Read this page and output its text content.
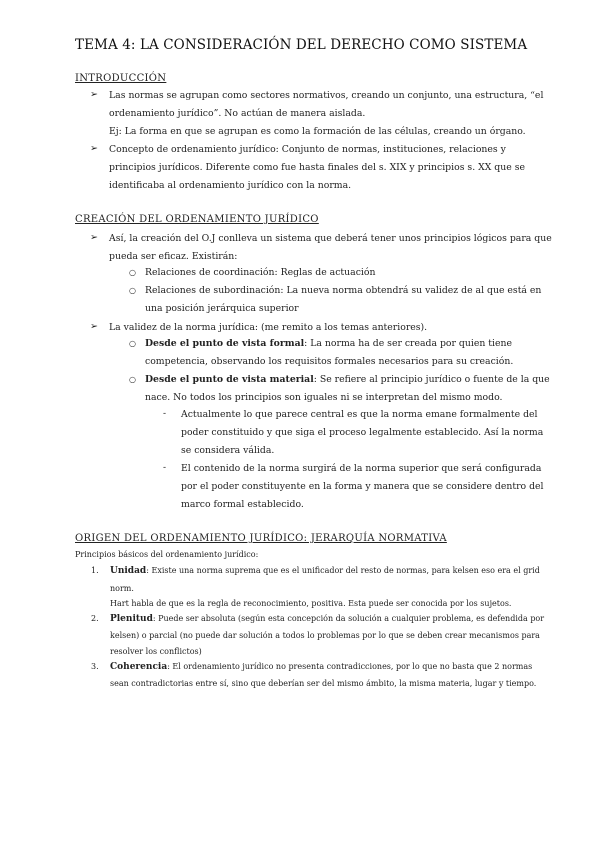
TEMA 4: LA CONSIDERACIÓN DEL DERECHO COMO SISTEMA
INTRODUCCIÓN
➢ Las normas se agrupan como sectores normativos, creando un conjunto, una estructura, “el
ordenamiento jurídico”. No actúan de manera aislada.
Ej: La forma en que se agrupan es como la formación de las células, creando un órgano.
➢ Concepto de ordenamiento jurídico: Conjunto de normas, instituciones, relaciones y
principios jurídicos. Diferente como fue hasta finales del s. XIX y principios s. XX que se
identificaba al ordenamiento jurídico con la norma.
CREACIÓN DEL ORDENAMIENTO JURÍDICO
➢ Así, la creación del O.J conlleva un sistema que deberá tener unos principios lógicos para que
pueda ser eficaz. Existirán:
○ Relaciones de coordinación: Reglas de actuación
○ Relaciones de subordinación: La nueva norma obtendrá su validez de al que está en
una posición jerárquica superior
➢ La validez de la norma jurídica: (me remito a los temas anteriores).
○ Desde el punto de vista formal: La norma ha de ser creada por quien tiene
competencia, observando los requisitos formales necesarios para su creación.
○ Desde el punto de vista material: Se refiere al principio jurídico o fuente de la que
nace. No todos los principios son iguales ni se interpretan del mismo modo.
- Actualmente lo que parece central es que la norma emane formalmente del
poder constituido y que siga el proceso legalmente establecido. Así la norma
se considera válida.
- El contenido de la norma surgirá de la norma superior que será configurada
por el poder constituyente en la forma y manera que se considere dentro del
marco formal establecido.
ORIGEN DEL ORDENAMIENTO JURÍDICO: JERARQUÍA NORMATIVA
Principios básicos del ordenamiento jurídico:
1. Unidad: Existe una norma suprema que es el unificador del resto de normas, para kelsen eso era el grid
norm.
Hart habla de que es la regla de reconocimiento, positiva. Esta puede ser conocida por los sujetos.
2. Plenitud: Puede ser absoluta (según esta concepción da solución a cualquier problema, es defendida por
kelsen) o parcial (no puede dar solución a todos lo problemas por lo que se deben crear mecanismos para
resolver los conflictos)
3. Coherencia: El ordenamiento jurídico no presenta contradicciones, por lo que no basta que 2 normas
sean contradictorias entre sí, sino que deberían ser del mismo ámbito, la misma materia, lugar y tiempo.
